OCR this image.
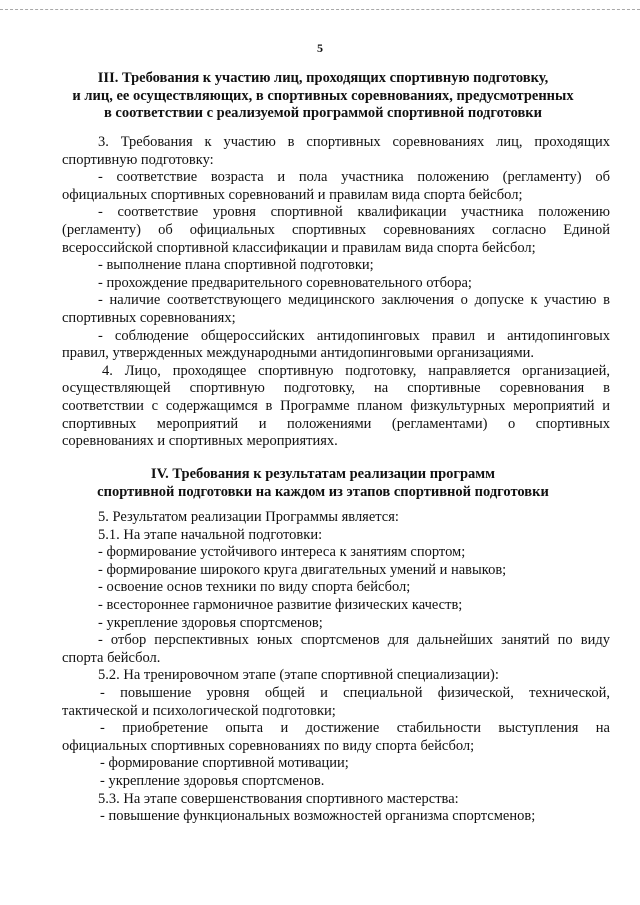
5
III. Требования к участию лиц, проходящих спортивную подготовку,
и лиц, ее осуществляющих, в спортивных соревнованиях, предусмотренных
в соответствии с реализуемой программой спортивной подготовки

3. Требования к участию в спортивных соревнованиях лиц, проходящих

спортивную подготовку:

- соответствие возраста и пола участника положению (регламенту) об

официальных спортивных соревнований и правилам вида спорта бейсбол;

- соответствие уровня спортивной квалификации участника положению

(регламенту) об официальных спортивных соревнованиях согласно Единой

всероссийской спортивной классификации и правилам вида спорта бейсбол;

- выполнение плана спортивной подготовки;

- прохождение предварительного соревновательного отбора;

- наличие соответствующего медицинского заключения о допуске к участию в

спортивных соревнованиях;

- соблюдение общероссийских антидопинговых правил и антидопинговых

правил, утвержденных международными антидопинговыми организациями.

4. Лицо, проходящее спортивную подготовку, направляется организацией,

осуществляющей спортивную подготовку, на спортивные соревнования в

соответствии с содержащимся в Программе планом физкультурных мероприятий и

спортивных мероприятий и положениями (регламентами) о спортивных

соревнованиях и спортивных мероприятиях.

IV. Требования к результатам реализации программ
спортивной подготовки на каждом из этапов спортивной подготовки

5. Результатом реализации Программы является:

5.1. На этапе начальной подготовки:

- формирование устойчивого интереса к занятиям спортом;

- формирование широкого круга двигательных умений и навыков;

- освоение основ техники по виду спорта бейсбол;

- всестороннее гармоничное развитие физических качеств;

- укрепление здоровья спортсменов;

- отбор перспективных юных спортсменов для дальнейших занятий по виду

спорта бейсбол.

5.2. На тренировочном этапе (этапе спортивной специализации):

- повышение уровня общей и специальной физической, технической,

тактической и психологической подготовки;

- приобретение опыта и достижение стабильности выступления на

официальных спортивных соревнованиях по виду спорта бейсбол;

- формирование спортивной мотивации;

- укрепление здоровья спортсменов.

5.3. На этапе совершенствования спортивного мастерства:

- повышение функциональных возможностей организма спортсменов;
